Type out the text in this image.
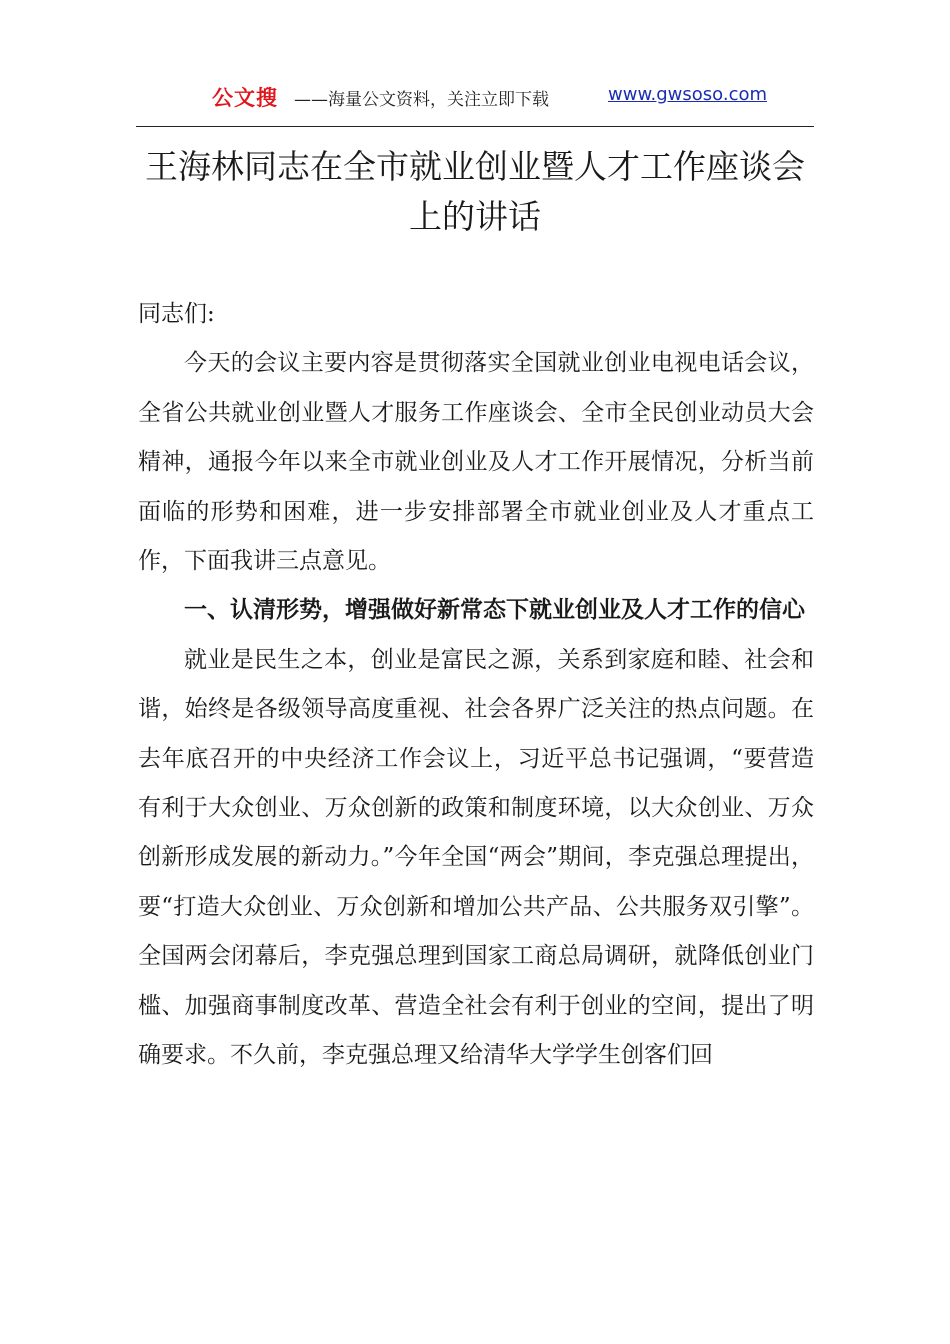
公文搜 ——海量公文资料，关注立即下载	www.gwsoso.com
王海林同志在全市就业创业暨人才工作座谈会上的讲话

同志们:

今天的会议主要内容是贯彻落实全国就业创业电视电话会议，全省公共就业创业暨人才服务工作座谈会、全市全民创业动员大会精神，通报今年以来全市就业创业及人才工作开展情况，分析当前面临的形势和困难，进一步安排部署全市就业创业及人才重点工作，下面我讲三点意见。

一、认清形势，增强做好新常态下就业创业及人才工作的信心

就业是民生之本，创业是富民之源，关系到家庭和睦、社会和谐，始终是各级领导高度重视、社会各界广泛关注的热点问题。在去年底召开的中央经济工作会议上，习近平总书记强调，“要营造有利于大众创业、万众创新的政策和制度环境，以大众创业、万众创新形成发展的新动力。”今年全国“两会”期间，李克强总理提出，要“打造大众创业、万众创新和增加公共产品、公共服务双引擎”。全国两会闭幕后，李克强总理到国家工商总局调研，就降低创业门槛、加强商事制度改革、营造全社会有利于创业的空间，提出了明确要求。不久前，李克强总理又给清华大学学生创客们回
